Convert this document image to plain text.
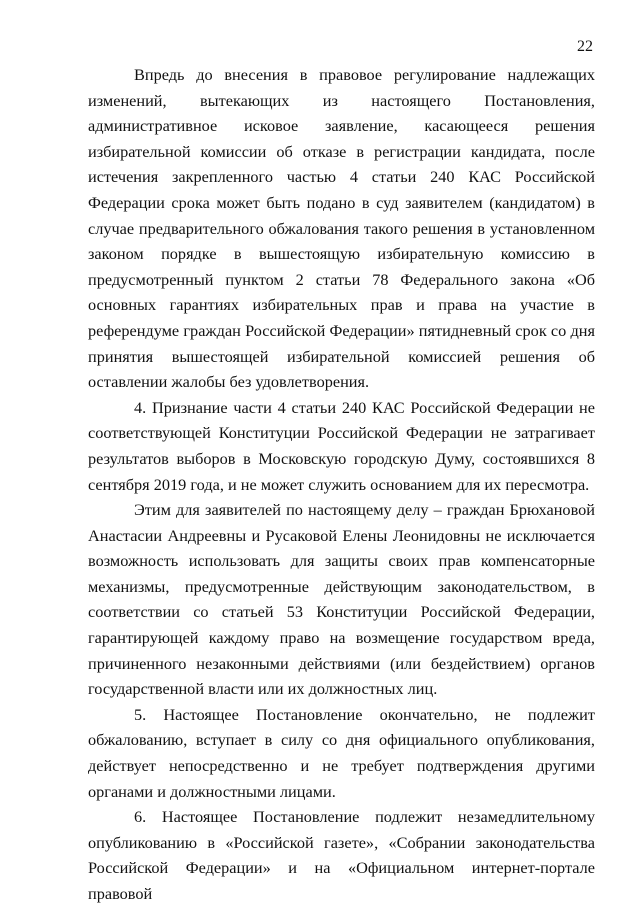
22

Впредь до внесения в правовое регулирование надлежащих изменений, вытекающих из настоящего Постановления, административное исковое заявление, касающееся решения избирательной комиссии об отказе в регистрации кандидата, после истечения закрепленного частью 4 статьи 240 КАС Российской Федерации срока может быть подано в суд заявителем (кандидатом) в случае предварительного обжалования такого решения в установленном законом порядке в вышестоящую избирательную комиссию в предусмотренный пунктом 2 статьи 78 Федерального закона «Об основных гарантиях избирательных прав и права на участие в референдуме граждан Российской Федерации» пятидневный срок со дня принятия вышестоящей избирательной комиссией решения об оставлении жалобы без удовлетворения.

4. Признание части 4 статьи 240 КАС Российской Федерации не соответствующей Конституции Российской Федерации не затрагивает результатов выборов в Московскую городскую Думу, состоявшихся 8 сентября 2019 года, и не может служить основанием для их пересмотра.

Этим для заявителей по настоящему делу – граждан Брюхановой Анастасии Андреевны и Русаковой Елены Леонидовны не исключается возможность использовать для защиты своих прав компенсаторные механизмы, предусмотренные действующим законодательством, в соответствии со статьей 53 Конституции Российской Федерации, гарантирующей каждому право на возмещение государством вреда, причиненного незаконными действиями (или бездействием) органов государственной власти или их должностных лиц.

5. Настоящее Постановление окончательно, не подлежит обжалованию, вступает в силу со дня официального опубликования, действует непосредственно и не требует подтверждения другими органами и должностными лицами.

6. Настоящее Постановление подлежит незамедлительному опубликованию в «Российской газете», «Собрании законодательства Российской Федерации» и на «Официальном интернет-портале правовой
